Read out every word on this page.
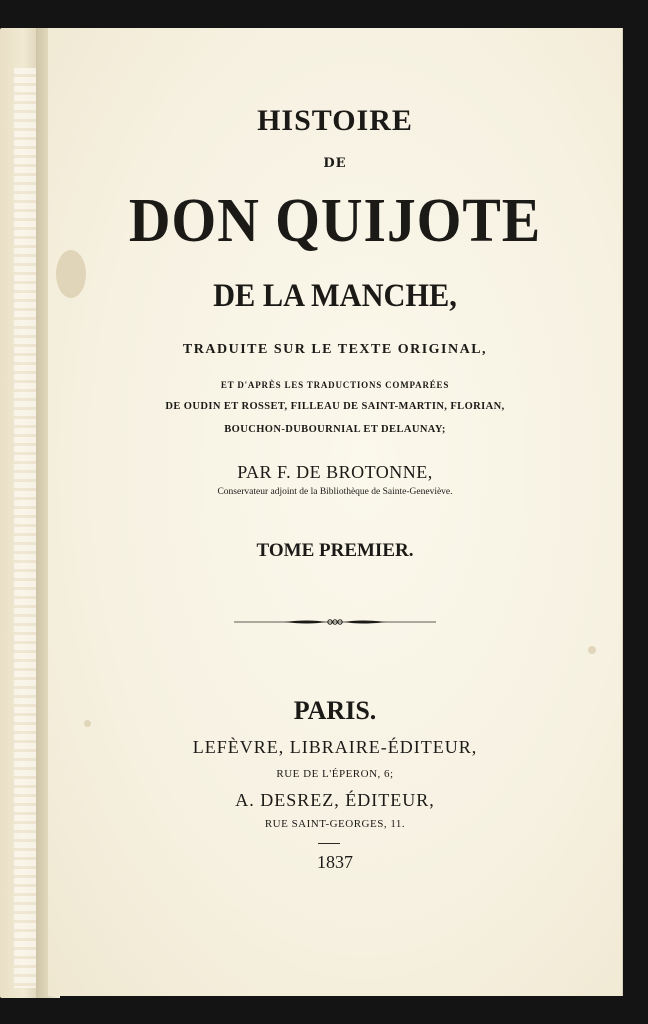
HISTOIRE
DE
DON QUIJOTE
DE LA MANCHE,
TRADUITE SUR LE TEXTE ORIGINAL,
ET D'APRÈS LES TRADUCTIONS COMPARÉES
DE OUDIN ET ROSSET, FILLEAU DE SAINT-MARTIN, FLORIAN,
BOUCHON-DUBOURNIAL ET DELAUNAY;
PAR F. DE BROTONNE,
Conservateur adjoint de la Bibliothèque de Sainte-Geneviève.
TOME PREMIER.
PARIS.
LEFÈVRE, LIBRAIRE-ÉDITEUR,
RUE DE L'ÉPERON, 6;
A. DESREZ, ÉDITEUR,
RUE SAINT-GEORGES, 11.
1837
